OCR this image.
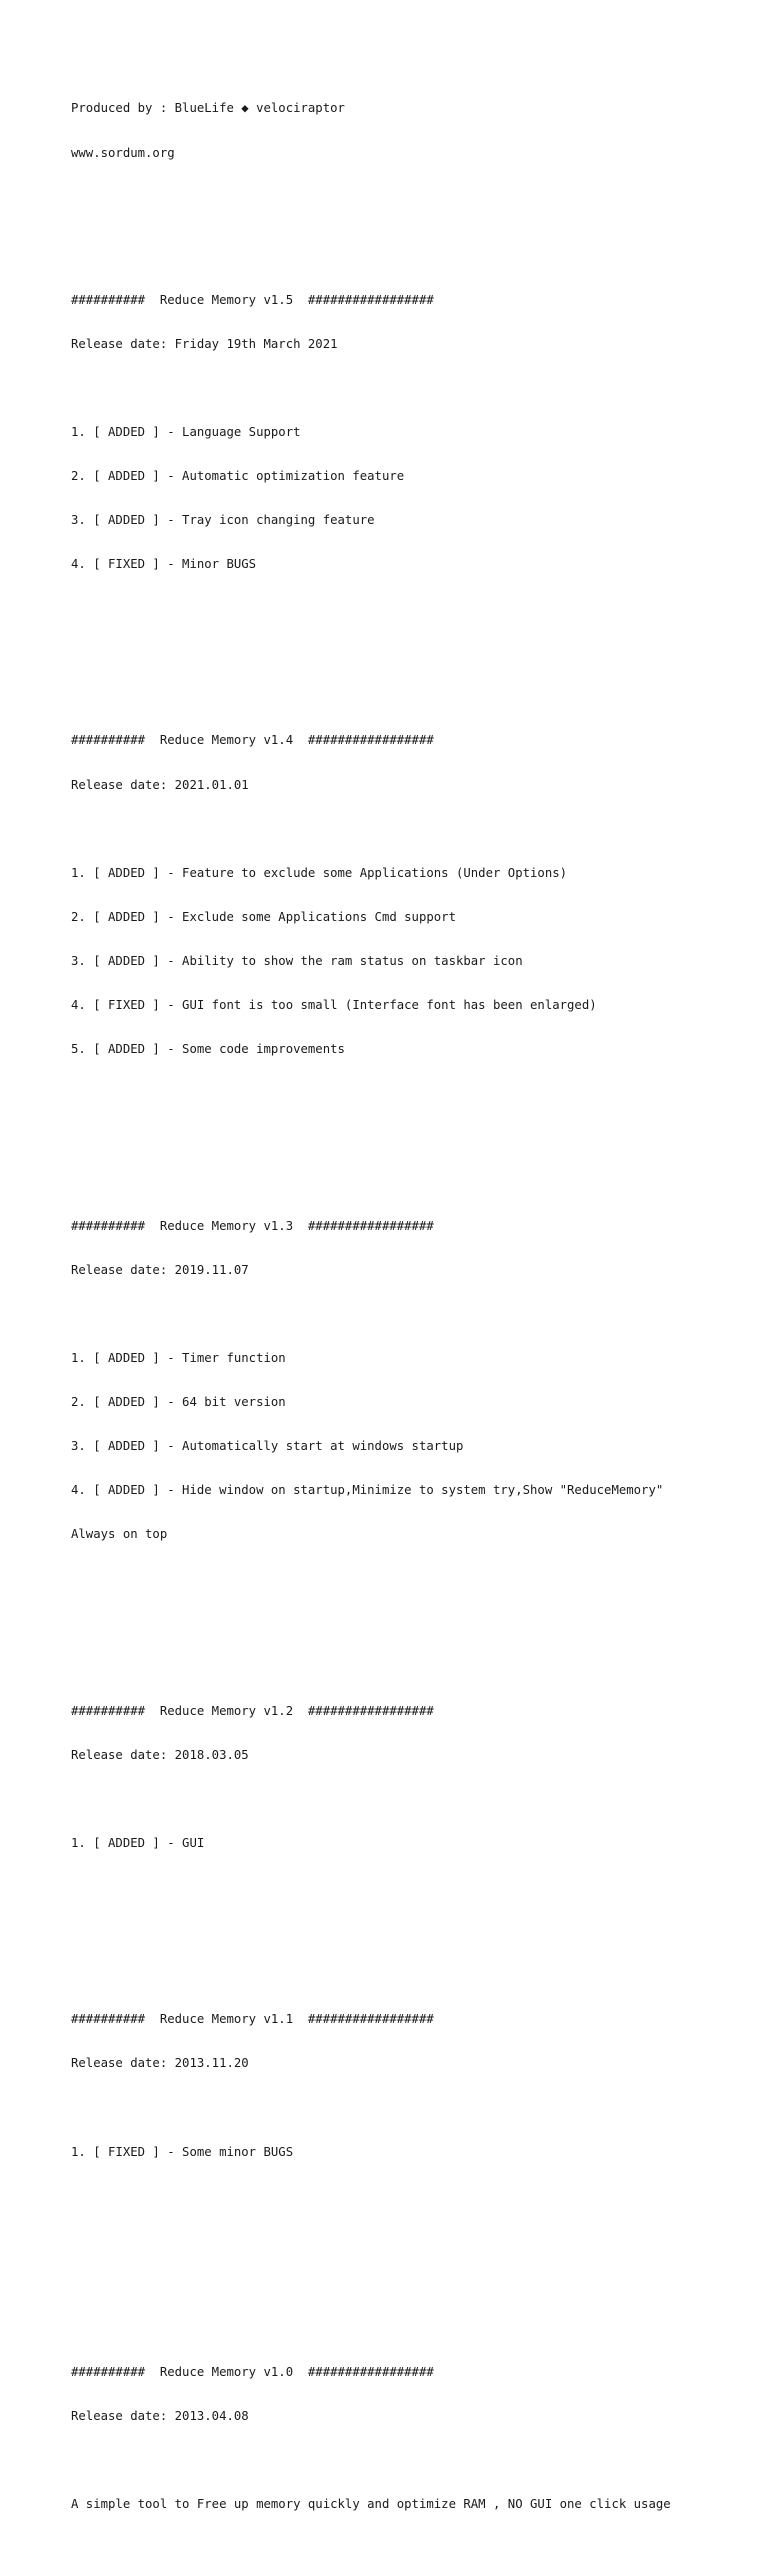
Produced by : BlueLife ◆ velociraptor

www.sordum.org

##########  Reduce Memory v1.5  #################

Release date: Friday 19th March 2021

1. [ ADDED ] - Language Support

2. [ ADDED ] - Automatic optimization feature

3. [ ADDED ] - Tray icon changing feature

4. [ FIXED ] - Minor BUGS

##########  Reduce Memory v1.4  #################

Release date: 2021.01.01

1. [ ADDED ] - Feature to exclude some Applications (Under Options)

2. [ ADDED ] - Exclude some Applications Cmd support

3. [ ADDED ] - Ability to show the ram status on taskbar icon

4. [ FIXED ] - GUI font is too small (Interface font has been enlarged)

5. [ ADDED ] - Some code improvements

##########  Reduce Memory v1.3  #################

Release date: 2019.11.07

1. [ ADDED ] - Timer function

2. [ ADDED ] - 64 bit version

3. [ ADDED ] - Automatically start at windows startup

4. [ ADDED ] - Hide window on startup,Minimize to system try,Show "ReduceMemory"

Always on top

##########  Reduce Memory v1.2  #################

Release date: 2018.03.05

1. [ ADDED ] - GUI

##########  Reduce Memory v1.1  #################

Release date: 2013.11.20

1. [ FIXED ] - Some minor BUGS

##########  Reduce Memory v1.0  #################

Release date: 2013.04.08

A simple tool to Free up memory quickly and optimize RAM , NO GUI one click usage
